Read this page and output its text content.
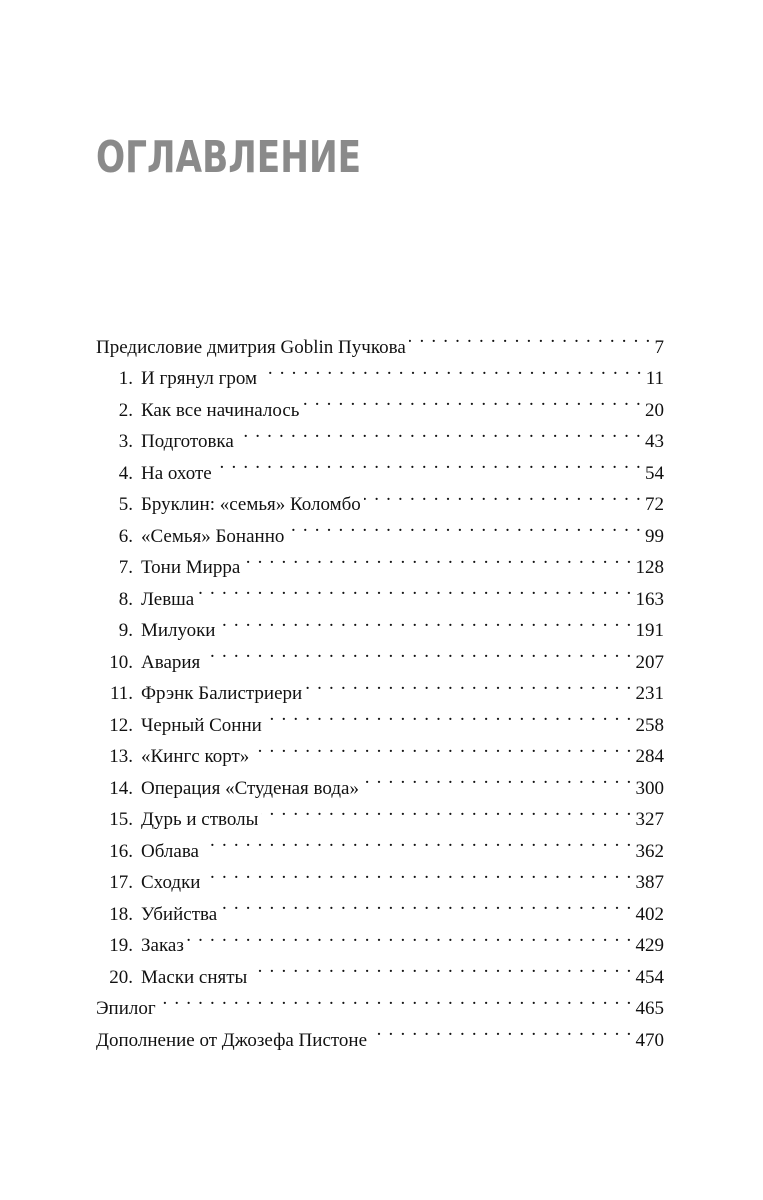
ОГЛАВЛЕНИЕ
Предисловие дмитрия Goblin Пучкова . . .	7
1. И грянул гром . . .	11
2. Как все начиналось . . .	20
3. Подготовка . . .	43
4. На охоте . . .	54
5. Бруклин: «семья» Коломбо . . .	72
6. «Семья» Бонанно . . .	99
7. Тони Мирра . . .	128
8. Левша . . .	163
9. Милуоки . . .	191
10. Авария . . .	207
11. Фрэнк Балистриери . . .	231
12. Черный Сонни . . .	258
13. «Кингс корт» . . .	284
14. Операция «Студеная вода» . . .	300
15. Дурь и стволы . . .	327
16. Облава . . .	362
17. Сходки . . .	387
18. Убийства . . .	402
19. Заказ . . .	429
20. Маски сняты . . .	454
Эпилог . . .	465
Дополнение от Джозефа Пистоне . . .	470
